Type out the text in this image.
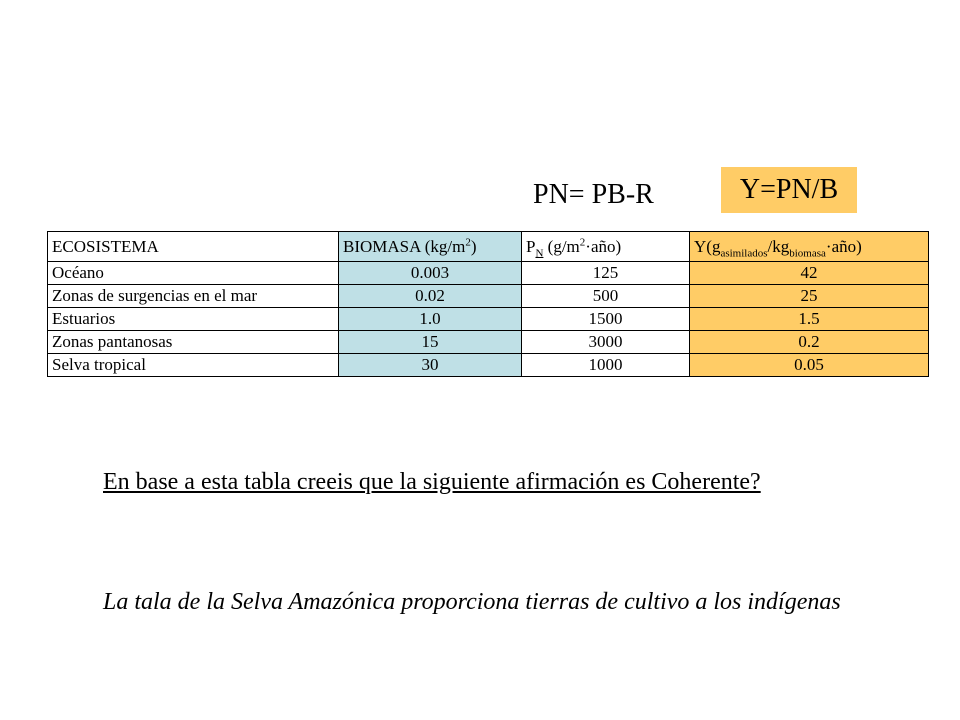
PN= PB-R	Y=PN/B
ECOSISTEMA	BIOMASA $(kg/m^2)$	$P_N$ $(g/m^2\cdot año)$	$Y(g_{asimilados}/kg_{biomasa}\cdot año)$
Océano	0.003	125	42
Zonas de surgencias en el mar	0.02	500	25
Estuarios	1.0	1500	1.5
Zonas pantanosas	15	3000	0.2
Selva tropical	30	1000	0.05
En base a esta tabla creeis que la siguiente afirmación es Coherente?
La tala de la Selva Amazónica proporciona tierras de cultivo a los indígenas
